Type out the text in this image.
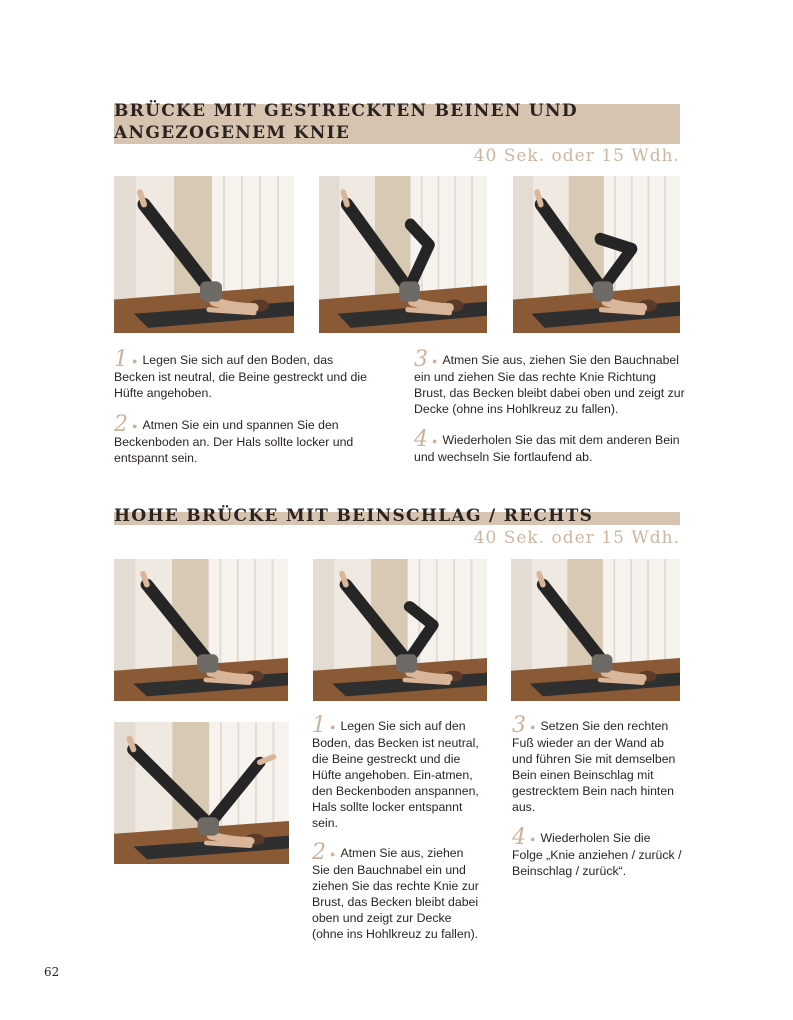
BRÜCKE MIT GESTRECKTEN BEINEN UND
ANGEZOGENEM KNIE

40 Sek. oder 15 Wdh.

1 ● Legen Sie sich auf den Boden, das Becken ist neutral, die Beine gestreckt und die Hüfte angehoben.
2 ● Atmen Sie ein und spannen Sie den Beckenboden an. Der Hals sollte locker und entspannt sein.
3 ● Atmen Sie aus, ziehen Sie den Bauchnabel ein und ziehen Sie das rechte Knie Richtung Brust, das Becken bleibt dabei oben und zeigt zur Decke (ohne ins Hohlkreuz zu fallen).
4 ● Wiederholen Sie das mit dem anderen Bein und wechseln Sie fortlaufend ab.
HOHE BRÜCKE MIT BEINSCHLAG / RECHTS

40 Sek. oder 15 Wdh.

1 ● Legen Sie sich auf den Boden, das Becken ist neutral, die Beine gestreckt und die Hüfte angehoben. Ein-atmen, den Beckenboden anspannen, Hals sollte locker entspannt sein.
2 ● Atmen Sie aus, ziehen Sie den Bauchnabel ein und ziehen Sie das rechte Knie zur Brust, das Becken bleibt dabei oben und zeigt zur Decke (ohne ins Hohlkreuz zu fallen).
3 ● Setzen Sie den rechten Fuß wieder an der Wand ab und führen Sie mit demselben Bein einen Beinschlag mit gestrecktem Bein nach hinten aus.
4 ● Wiederholen Sie die Folge „Knie anziehen / zurück / Beinschlag / zurück“.
62
